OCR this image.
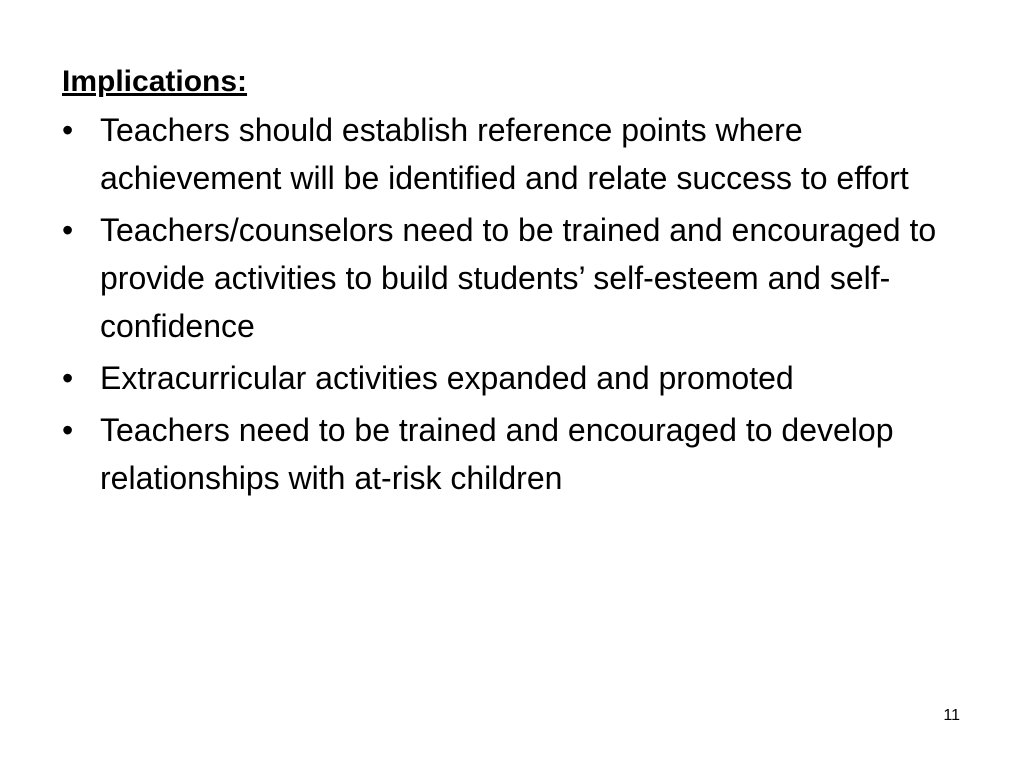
Implications:

• Teachers should establish reference points where achievement will be identified and relate success to effort
• Teachers/counselors need to be trained and encouraged to provide activities to build students’ self-esteem and self-confidence
• Extracurricular activities expanded and promoted
• Teachers need to be trained and encouraged to develop relationships with at-risk children
11
